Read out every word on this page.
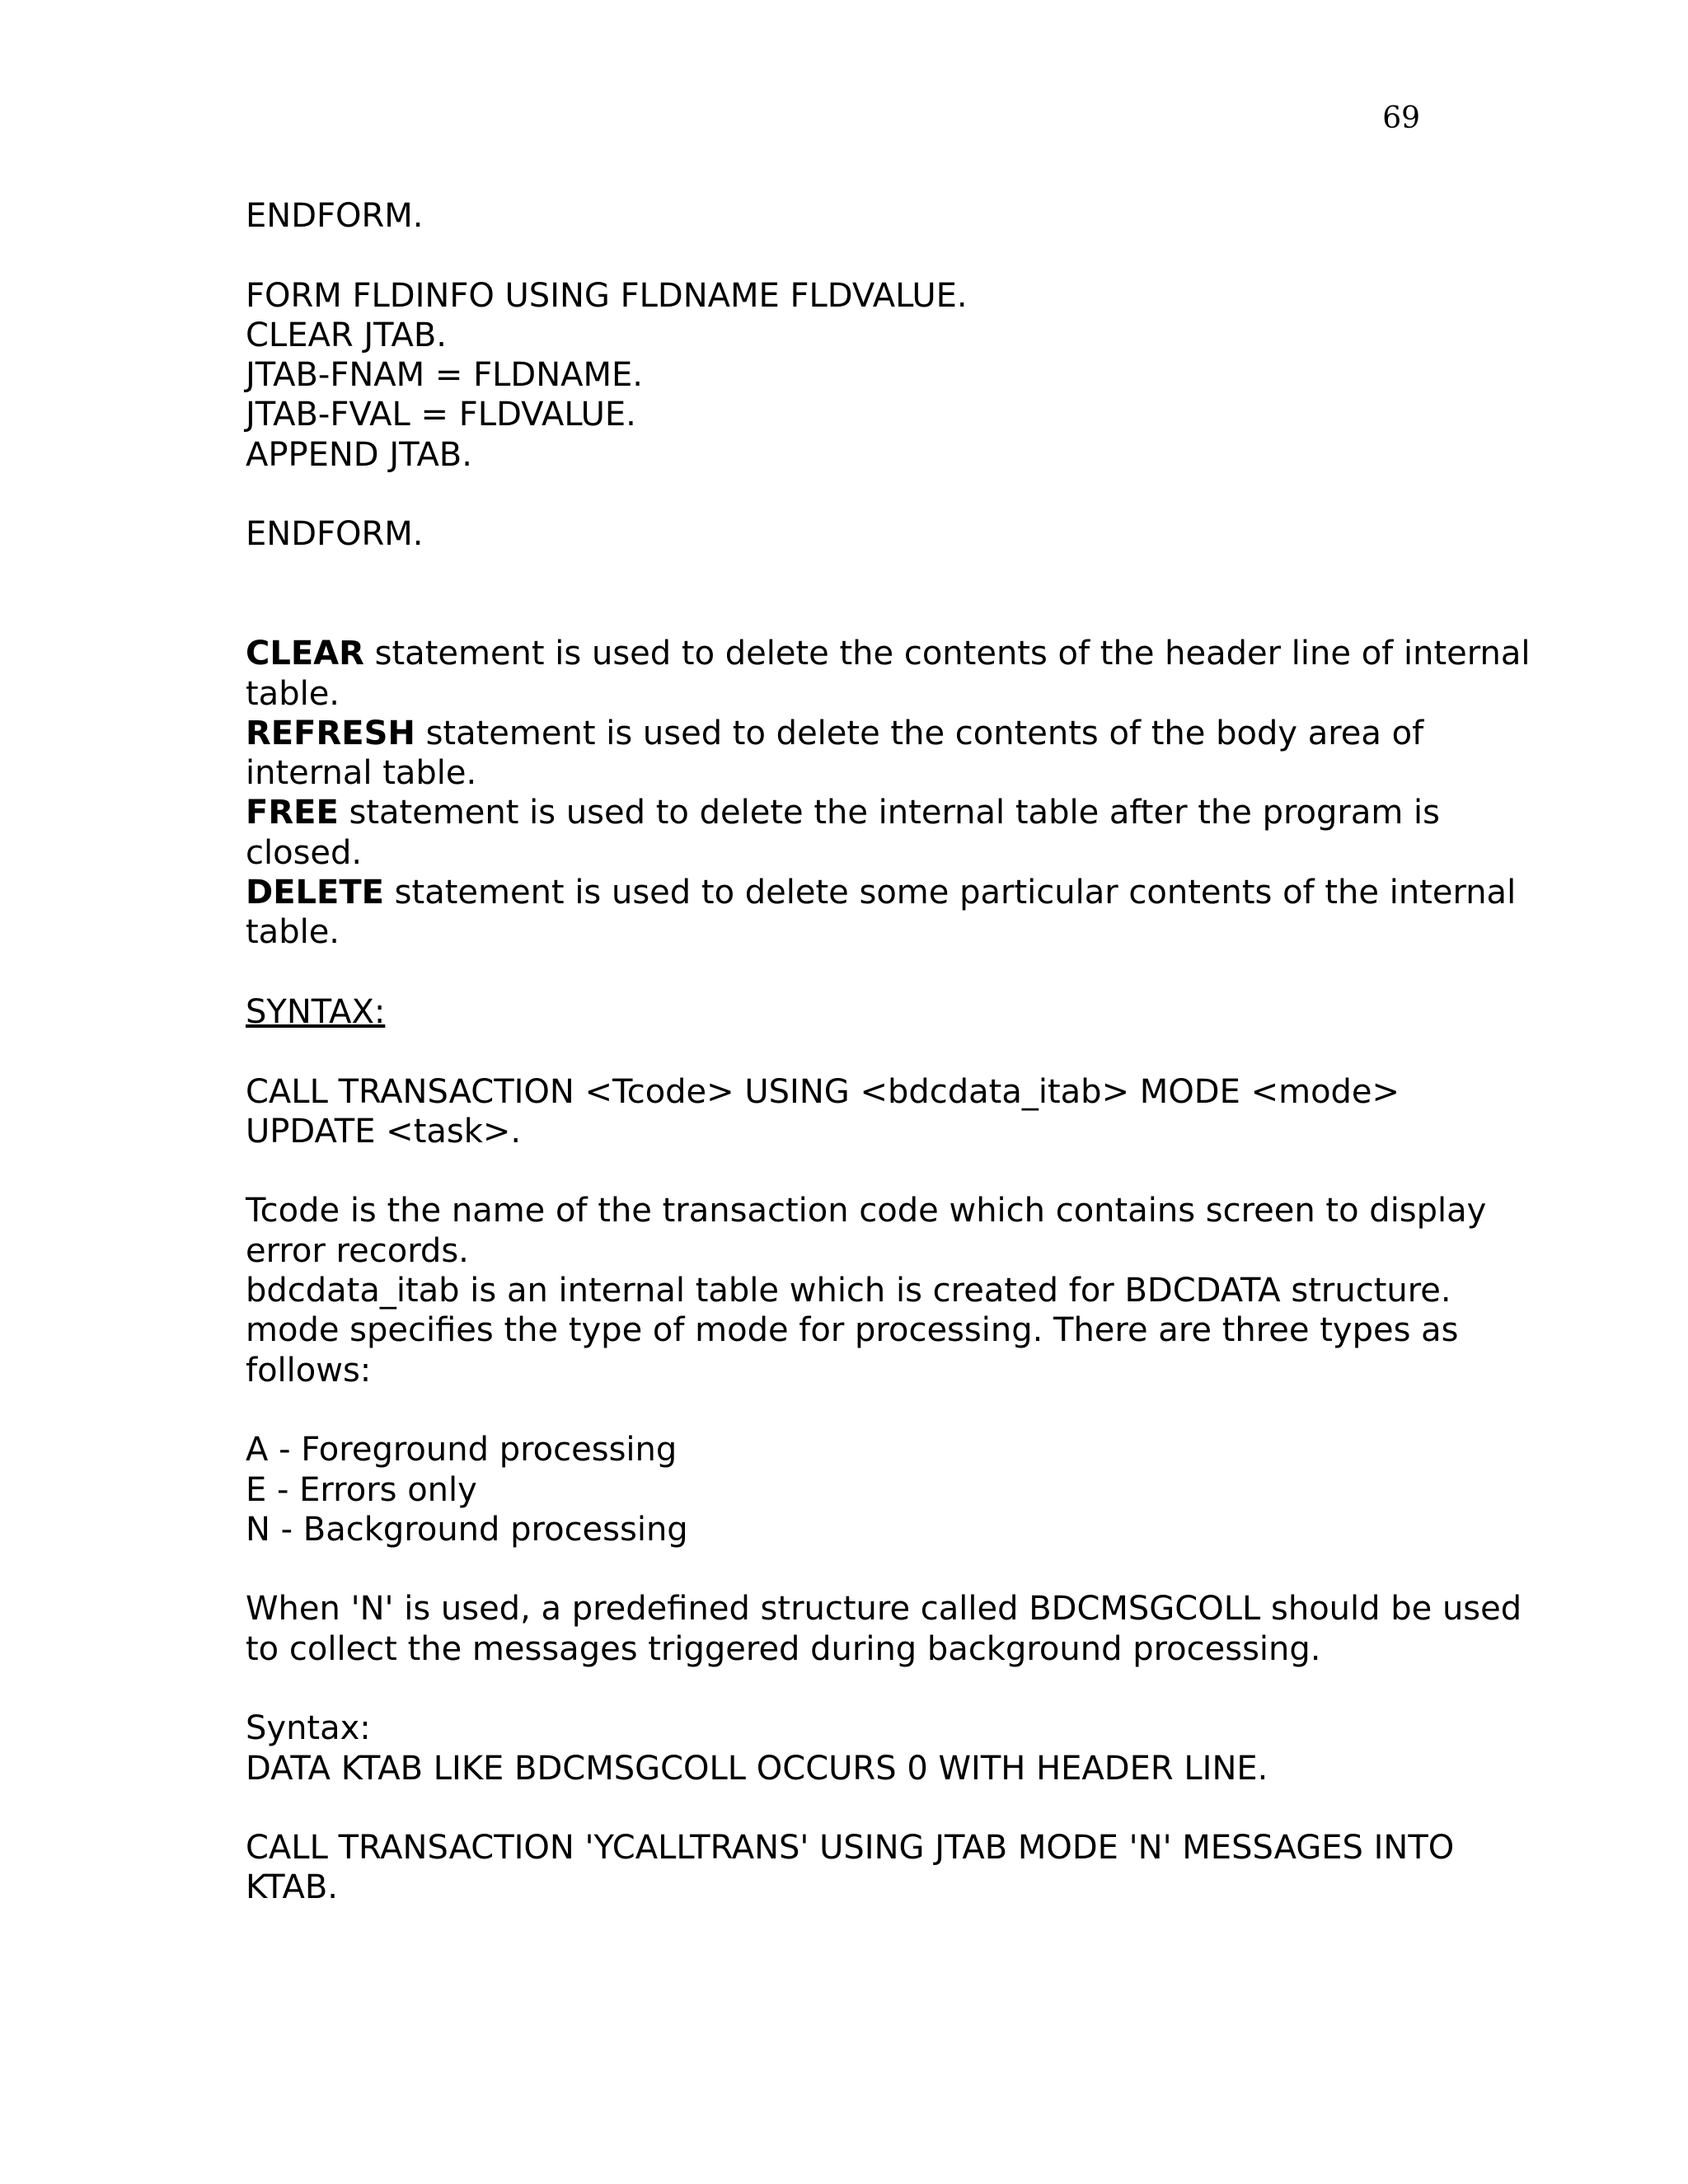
69

ENDFORM.

FORM FLDINFO USING FLDNAME FLDVALUE.

CLEAR JTAB.

JTAB-FNAM = FLDNAME.

JTAB-FVAL = FLDVALUE.

APPEND JTAB.

ENDFORM.

CLEAR statement is used to delete the contents of the header line of internal table.

REFRESH statement is used to delete the contents of the body area of internal table.

FREE statement is used to delete the internal table after the program is closed.

DELETE statement is used to delete some particular contents of the internal table.

SYNTAX:

CALL TRANSACTION <Tcode> USING <bdcdata_itab> MODE <mode> UPDATE <task>.

Tcode is the name of the transaction code which contains screen to display error records.

bdcdata_itab is an internal table which is created for BDCDATA structure.

mode specifies the type of mode for processing. There are three types as follows:

A - Foreground processing

E - Errors only

N - Background processing

When 'N' is used, a predefined structure called BDCMSGCOLL should be used to collect the messages triggered during background processing.

Syntax:

DATA KTAB LIKE BDCMSGCOLL OCCURS 0 WITH HEADER LINE.

CALL TRANSACTION 'YCALLTRANS' USING JTAB MODE 'N' MESSAGES INTO KTAB.
